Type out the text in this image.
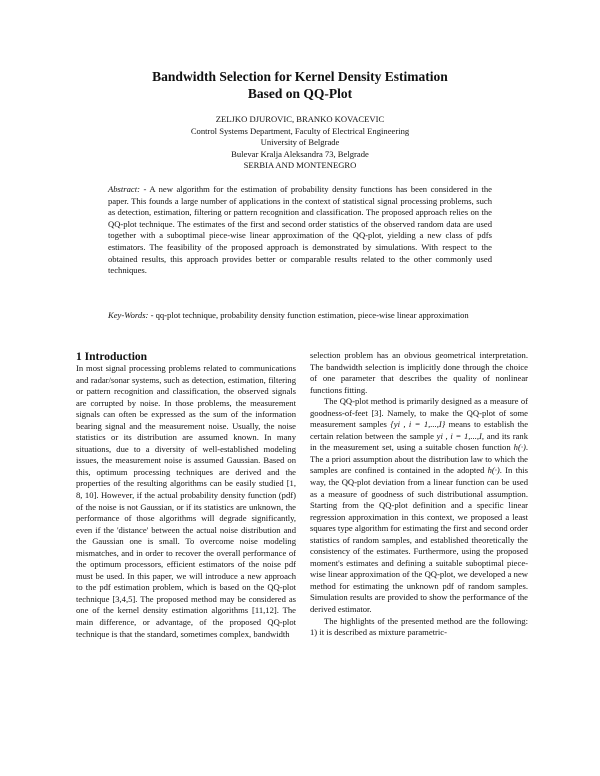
Bandwidth Selection for Kernel Density Estimation
Based on QQ-Plot
ZELJKO DJUROVIC, BRANKO KOVACEVIC
Control Systems Department, Faculty of Electrical Engineering
University of Belgrade
Bulevar Kralja Aleksandra 73, Belgrade
SERBIA AND MONTENEGRO
Abstract: - A new algorithm for the estimation of probability density functions has been considered in the paper. This founds a large number of applications in the context of statistical signal processing problems, such as detection, estimation, filtering or pattern recognition and classification. The proposed approach relies on the QQ-plot technique. The estimates of the first and second order statistics of the observed random data are used together with a suboptimal piece-wise linear approximation of the QQ-plot, yielding a new class of pdfs estimators. The feasibility of the proposed approach is demonstrated by simulations. With respect to the obtained results, this approach provides better or comparable results related to the other commonly used techniques.
Key-Words: - qq-plot technique, probability density function estimation, piece-wise linear approximation
1 Introduction

In most signal processing problems related to communications and radar/sonar systems, such as detection, estimation, filtering or pattern recognition and classification, the observed signals are corrupted by noise. In those problems, the measurement signals can often be expressed as the sum of the information bearing signal and the measurement noise. Usually, the noise statistics or its distribution are assumed known. In many situations, due to a diversity of well-established modeling issues, the measurement noise is assumed Gaussian. Based on this, optimum processing techniques are derived and the properties of the resulting algorithms can be easily studied [1, 8, 10]. However, if the actual probability density function (pdf) of the noise is not Gaussian, or if its statistics are unknown, the performance of those algorithms will degrade significantly, even if the 'distance' between the actual noise distribution and the Gaussian one is small. To overcome noise modeling mismatches, and in order to recover the overall performance of the optimum processors, efficient estimators of the noise pdf must be used. In this paper, we will introduce a new approach to the pdf estimation problem, which is based on the QQ-plot technique [3,4,5]. The proposed method may be considered as one of the kernel density estimation algorithms [11,12]. The main difference, or advantage, of the proposed QQ-plot technique is that the standard, sometimes complex, bandwidth

selection problem has an obvious geometrical interpretation. The bandwidth selection is implicitly done through the choice of one parameter that describes the quality of nonlinear functions fitting.

The QQ-plot method is primarily designed as a measure of goodness-of-feet [3]. Namely, to make the QQ-plot of some measurement samples {yi , i = 1,...,I} means to establish the certain relation between the sample yi , i = 1,...,I, and its rank in the measurement set, using a suitable chosen function h(·). The a priori assumption about the distribution law to which the samples are confined is contained in the adopted h(·). In this way, the QQ-plot deviation from a linear function can be used as a measure of goodness of such distributional assumption. Starting from the QQ-plot definition and a specific linear regression approximation in this context, we proposed a least squares type algorithm for estimating the first and second order statistics of random samples, and established theoretically the consistency of the estimates. Furthermore, using the proposed moment's estimates and defining a suitable suboptimal piece-wise linear approximation of the QQ-plot, we developed a new method for estimating the unknown pdf of random samples. Simulation results are provided to show the performance of the derived estimator.

The highlights of the presented method are the following: 1) it is described as mixture parametric-
